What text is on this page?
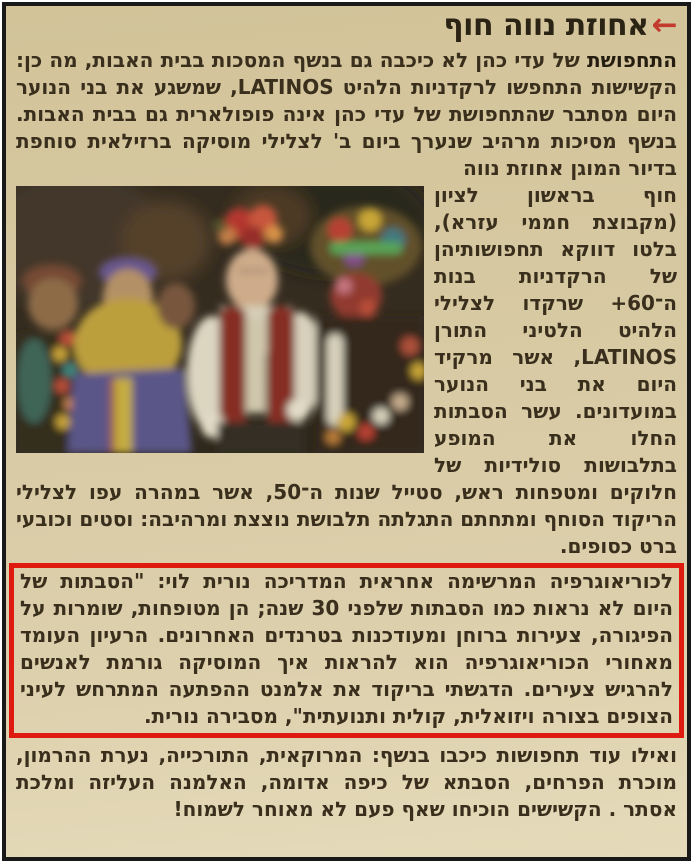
←אחוזת נווה חוף

התחפושת של עדי כהן לא כיכבה גם בנשף המסכות בבית האבות, מה כן: הקשישות התחפשו לרקדניות הלהיט LATINOS, שמשגע את בני הנוער היום מסתבר שהתחפושת של עדי כהן אינה פופולארית גם בבית האבות. בנשף מסיכות מרהיב שנערך ביום ב' לצלילי מוסיקה ברזילאית סוחפת בדיור המוגן אחוזת נווה

חוף בראשון לציון (מקבוצת חממי עזרא), בלטו דווקא תחפושותיהן של הרקדניות בנות ה־60+ שרקדו לצלילי הלהיט הלטיני התורן LATINOS, אשר מרקיד היום את בני הנוער במועדונים. עשר הסבתות החלו את המופע בתלבושות סולידיות של חלוקים ומטפחות ראש, סטייל שנות ה־50, אשר במהרה עפו לצלילי הריקוד הסוחף ומתחתם התגלתה תלבושת נוצצת ומרהיבה: וסטים וכובעי ברט כסופים.

לכוריאוגרפיה המרשימה אחראית המדריכה נורית לוי: "הסבתות של היום לא נראות כמו הסבתות שלפני 30 שנה; הן מטופחות, שומרות על הפיגורה, צעירות ברוחן ומעודכנות בטרנדים האחרונים. הרעיון העומד מאחורי הכוריאוגרפיה הוא להראות איך המוסיקה גורמת לאנשים להרגיש צעירים. הדגשתי בריקוד את אלמנט ההפתעה המתרחש לעיני הצופים בצורה ויזואלית, קולית ותנועתית", מסבירה נורית.

ואילו עוד תחפושות כיכבו בנשף: המרוקאית, התורכייה, נערת ההרמון, מוכרת הפרחים, הסבתא של כיפה אדומה, האלמנה העליזה ומלכת אסתר . הקשישים הוכיחו שאף פעם לא מאוחר לשמוח!
